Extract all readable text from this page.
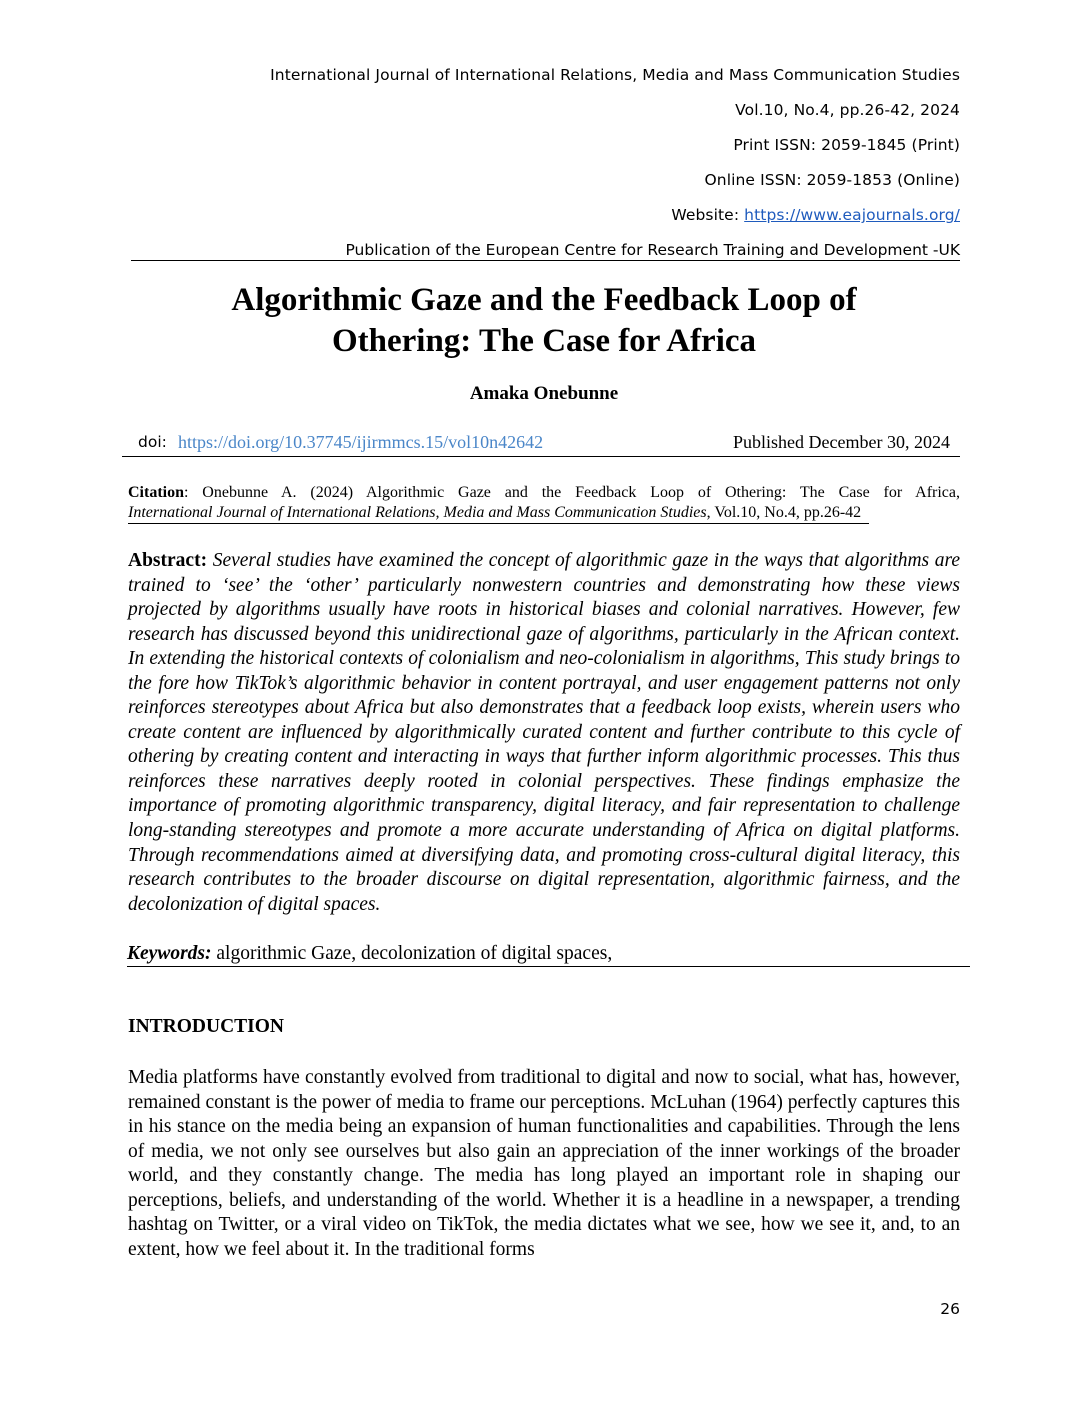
International Journal of International Relations, Media and Mass Communication Studies
Vol.10, No.4, pp.26-42, 2024
Print ISSN: 2059-1845 (Print)
Online ISSN: 2059-1853 (Online)
Website: https://www.eajournals.org/
Publication of the European Centre for Research Training and Development -UK
Algorithmic Gaze and the Feedback Loop of
Othering: The Case for Africa
Amaka Onebunne
doi: https://doi.org/10.37745/ijirmmcs.15/vol10n42642	Published December 30, 2024
Citation: Onebunne A. (2024) Algorithmic Gaze and the Feedback Loop of Othering: The Case for Africa,
International Journal of International Relations, Media and Mass Communication Studies, Vol.10, No.4, pp.26-42
Abstract: Several studies have examined the concept of algorithmic gaze in the ways that algorithms are trained to ‘see’ the ‘other’ particularly nonwestern countries and demonstrating how these views projected by algorithms usually have roots in historical biases and colonial narratives. However, few research has discussed beyond this unidirectional gaze of algorithms, particularly in the African context. In extending the historical contexts of colonialism and neo-colonialism in algorithms, This study brings to the fore how TikTok’s algorithmic behavior in content portrayal, and user engagement patterns not only reinforces stereotypes about Africa but also demonstrates that a feedback loop exists, wherein users who create content are influenced by algorithmically curated content and further contribute to this cycle of othering by creating content and interacting in ways that further inform algorithmic processes. This thus reinforces these narratives deeply rooted in colonial perspectives. These findings emphasize the importance of promoting algorithmic transparency, digital literacy, and fair representation to challenge long-standing stereotypes and promote a more accurate understanding of Africa on digital platforms. Through recommendations aimed at diversifying data, and promoting cross-cultural digital literacy, this research contributes to the broader discourse on digital representation, algorithmic fairness, and the decolonization of digital spaces.
Keywords: algorithmic Gaze, decolonization of digital spaces,
INTRODUCTION
Media platforms have constantly evolved from traditional to digital and now to social, what has, however, remained constant is the power of media to frame our perceptions. McLuhan (1964) perfectly captures this in his stance on the media being an expansion of human functionalities and capabilities. Through the lens of media, we not only see ourselves but also gain an appreciation of the inner workings of the broader world, and they constantly change. The media has long played an important role in shaping our perceptions, beliefs, and understanding of the world. Whether it is a headline in a newspaper, a trending hashtag on Twitter, or a viral video on TikTok, the media dictates what we see, how we see it, and, to an extent, how we feel about it. In the traditional forms
26
